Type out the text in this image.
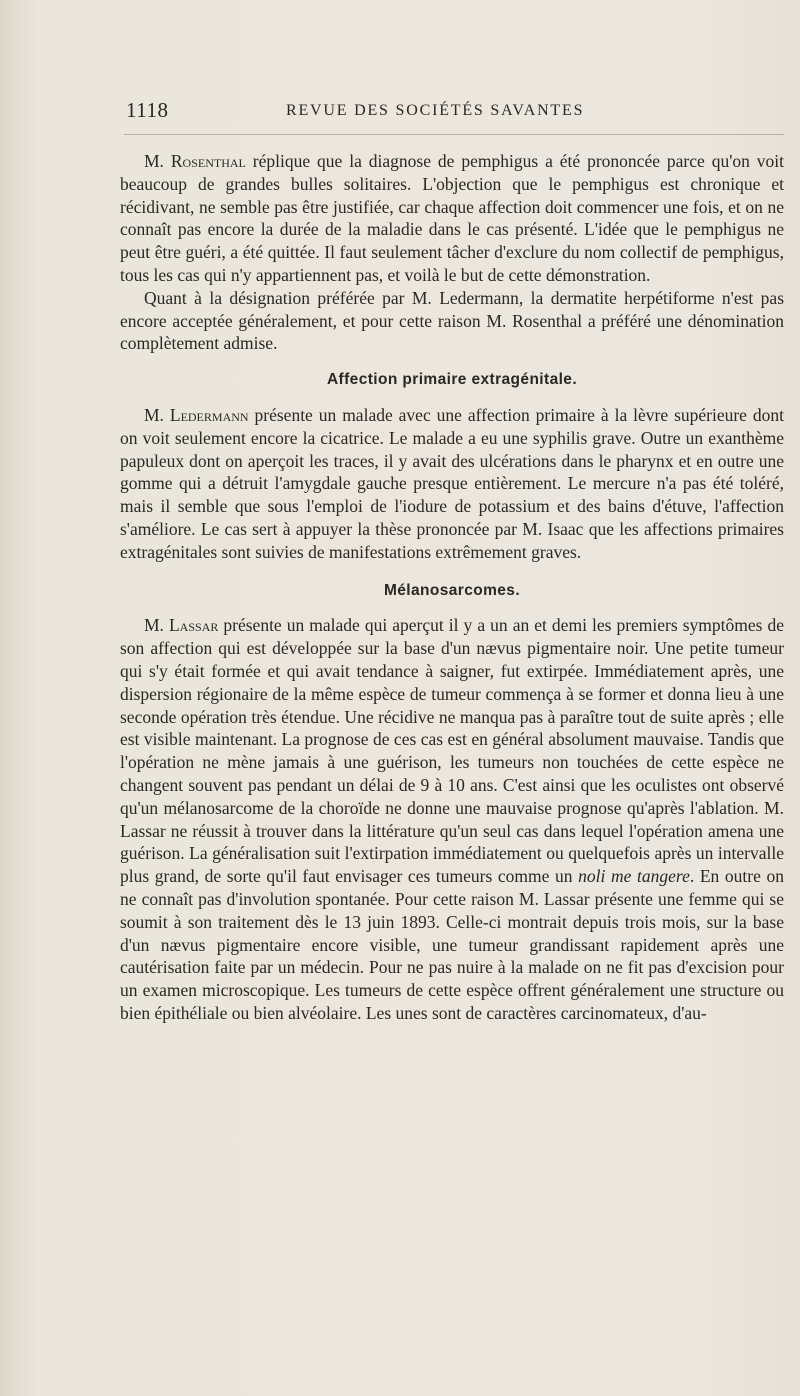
1118	REVUE DES SOCIÉTÉS SAVANTES

M. Rosenthal réplique que la diagnose de pemphigus a été prononcée parce qu'on voit beaucoup de grandes bulles solitaires. L'objection que le pemphigus est chronique et récidivant, ne semble pas être justifiée, car chaque affection doit commencer une fois, et on ne connaît pas encore la durée de la maladie dans le cas présenté. L'idée que le pemphigus ne peut être guéri, a été quittée. Il faut seulement tâcher d'exclure du nom collectif de pemphigus, tous les cas qui n'y appartiennent pas, et voilà le but de cette démonstration.

Quant à la désignation préférée par M. Ledermann, la dermatite herpétiforme n'est pas encore acceptée généralement, et pour cette raison M. Rosenthal a préféré une dénomination complètement admise.

Affection primaire extragénitale.

M. Ledermann présente un malade avec une affection primaire à la lèvre supérieure dont on voit seulement encore la cicatrice. Le malade a eu une syphilis grave. Outre un exanthème papuleux dont on aperçoit les traces, il y avait des ulcérations dans le pharynx et en outre une gomme qui a détruit l'amygdale gauche presque entièrement. Le mercure n'a pas été toléré, mais il semble que sous l'emploi de l'iodure de potassium et des bains d'étuve, l'affection s'améliore. Le cas sert à appuyer la thèse prononcée par M. Isaac que les affections primaires extragénitales sont suivies de manifestations extrêmement graves.

Mélanosarcomes.

M. Lassar présente un malade qui aperçut il y a un an et demi les premiers symptômes de son affection qui est développée sur la base d'un nævus pigmentaire noir. Une petite tumeur qui s'y était formée et qui avait tendance à saigner, fut extirpée. Immédiatement après, une dispersion régionaire de la même espèce de tumeur commença à se former et donna lieu à une seconde opération très étendue. Une récidive ne manqua pas à paraître tout de suite après ; elle est visible maintenant. La prognose de ces cas est en général absolument mauvaise. Tandis que l'opération ne mène jamais à une guérison, les tumeurs non touchées de cette espèce ne changent souvent pas pendant un délai de 9 à 10 ans. C'est ainsi que les oculistes ont observé qu'un mélanosarcome de la choroïde ne donne une mauvaise prognose qu'après l'ablation. M. Lassar ne réussit à trouver dans la littérature qu'un seul cas dans lequel l'opération amena une guérison. La généralisation suit l'extirpation immédiatement ou quelquefois après un intervalle plus grand, de sorte qu'il faut envisager ces tumeurs comme un noli me tangere. En outre on ne connaît pas d'involution spontanée. Pour cette raison M. Lassar présente une femme qui se soumit à son traitement dès le 13 juin 1893. Celle-ci montrait depuis trois mois, sur la base d'un nævus pigmentaire encore visible, une tumeur grandissant rapidement après une cautérisation faite par un médecin. Pour ne pas nuire à la malade on ne fit pas d'excision pour un examen microscopique. Les tumeurs de cette espèce offrent généralement une structure ou bien épithéliale ou bien alvéolaire. Les unes sont de caractères carcinomateux, d'au-
